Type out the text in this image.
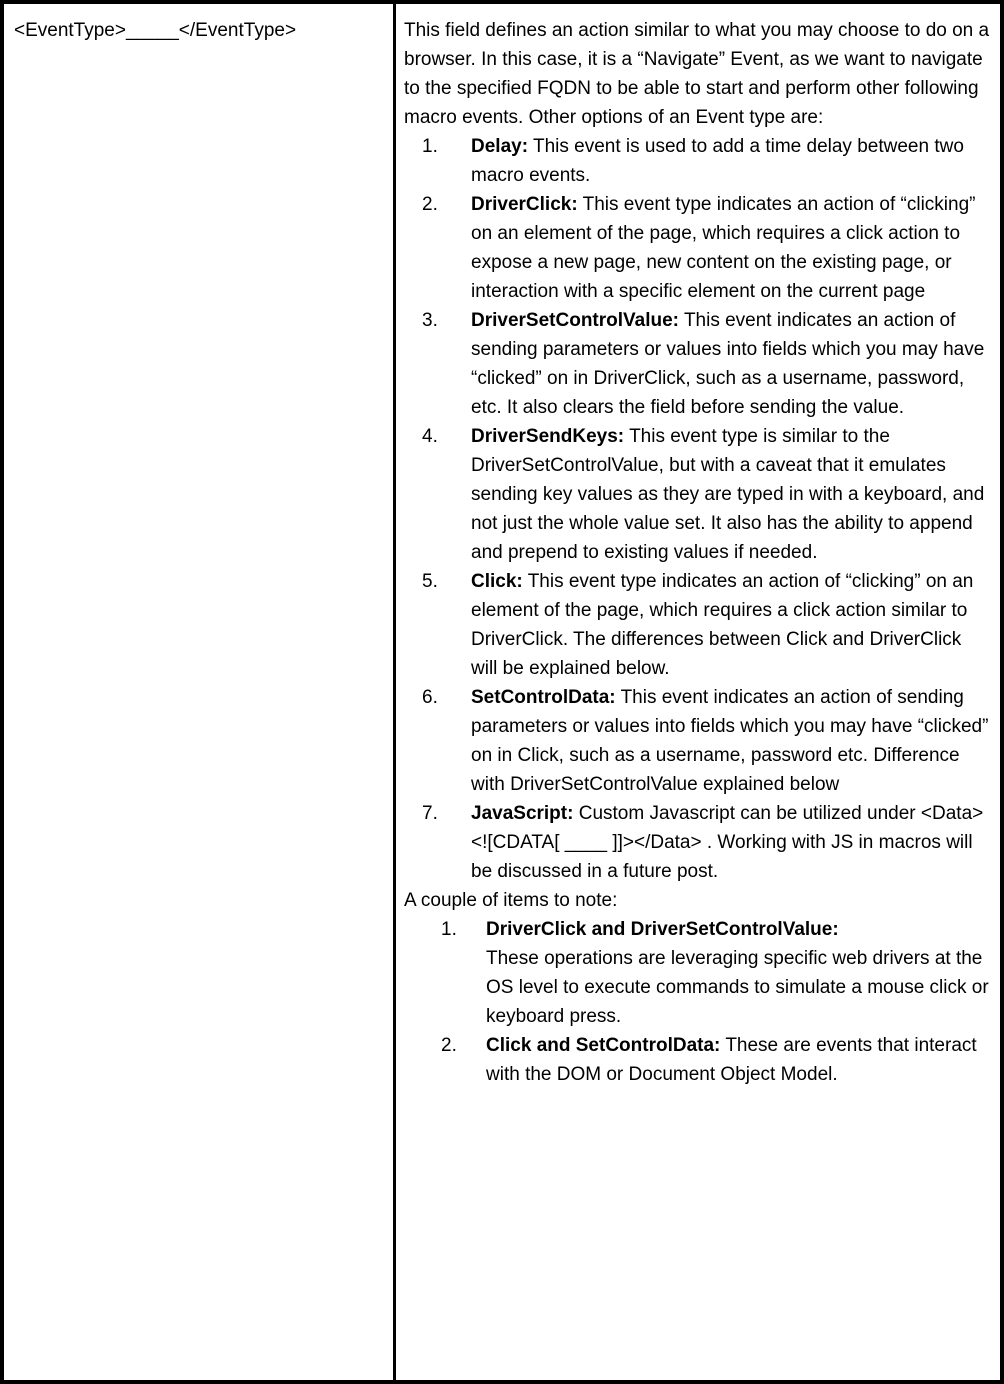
<EventType>_____</EventType>	This field defines an action similar to what you may choose to do on a browser. In this case, it is a “Navigate” Event, as we want to navigate to the specified FQDN to be able to start and perform other following macro events. Other options of an Event type are:

1.	Delay: This event is used to add a time delay between two macro events.
2.	DriverClick: This event type indicates an action of “clicking” on an element of the page, which requires a click action to expose a new page, new content on the existing page, or interaction with a specific element on the current page
3.	DriverSetControlValue: This event indicates an action of sending parameters or values into fields which you may have “clicked” on in DriverClick, such as a username, password, etc. It also clears the field before sending the value.
4.	DriverSendKeys: This event type is similar to the DriverSetControlValue, but with a caveat that it emulates sending key values as they are typed in with a keyboard, and not just the whole value set. It also has the ability to append and prepend to existing values if needed.
5.	Click: This event type indicates an action of “clicking” on an element of the page, which requires a click action similar to DriverClick. The differences between Click and DriverClick will be explained below.
6.	SetControlData: This event indicates an action of sending parameters or values into fields which you may have “clicked” on in Click, such as a username, password etc. Difference with DriverSetControlValue explained below
7.	JavaScript: Custom Javascript can be utilized under <Data><![CDATA[ ____ ]]></Data> . Working with JS in macros will be discussed in a future post.

A couple of items to note:

1.	DriverClick and DriverSetControlValue:
These operations are leveraging specific web drivers at the OS level to execute commands to simulate a mouse click or keyboard press.
2.	Click and SetControlData: These are events that interact with the DOM or Document Object Model.
